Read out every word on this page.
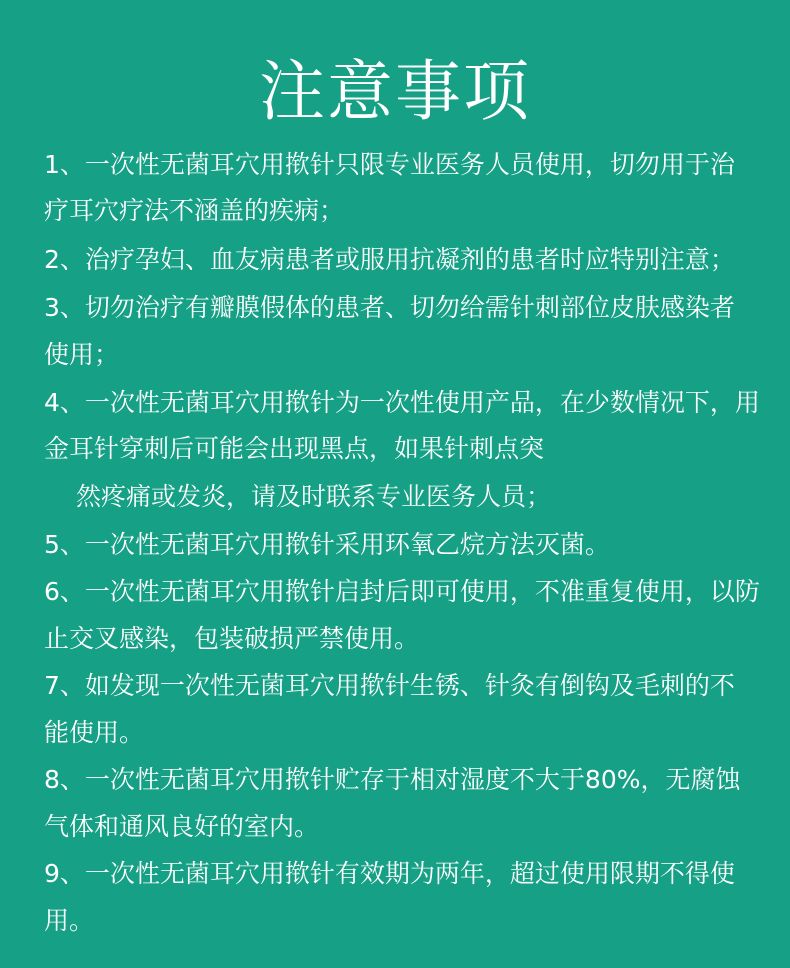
注意事项
1、一次性无菌耳穴用揿针只限专业医务人员使用，切勿用于治
疗耳穴疗法不涵盖的疾病；
2、治疗孕妇、血友病患者或服用抗凝剂的患者时应特别注意；
3、切勿治疗有瓣膜假体的患者、切勿给需针刺部位皮肤感染者
使用；
4、一次性无菌耳穴用揿针为一次性使用产品，在少数情况下，用
金耳针穿刺后可能会出现黑点，如果针刺点突
然疼痛或发炎，请及时联系专业医务人员；
5、一次性无菌耳穴用揿针采用环氧乙烷方法灭菌。
6、一次性无菌耳穴用揿针启封后即可使用，不准重复使用，以防
止交叉感染，包装破损严禁使用。
7、如发现一次性无菌耳穴用揿针生锈、针灸有倒钩及毛刺的不
能使用。
8、一次性无菌耳穴用揿针贮存于相对湿度不大于80%，无腐蚀
气体和通风良好的室内。
9、一次性无菌耳穴用揿针有效期为两年，超过使用限期不得使
用。
